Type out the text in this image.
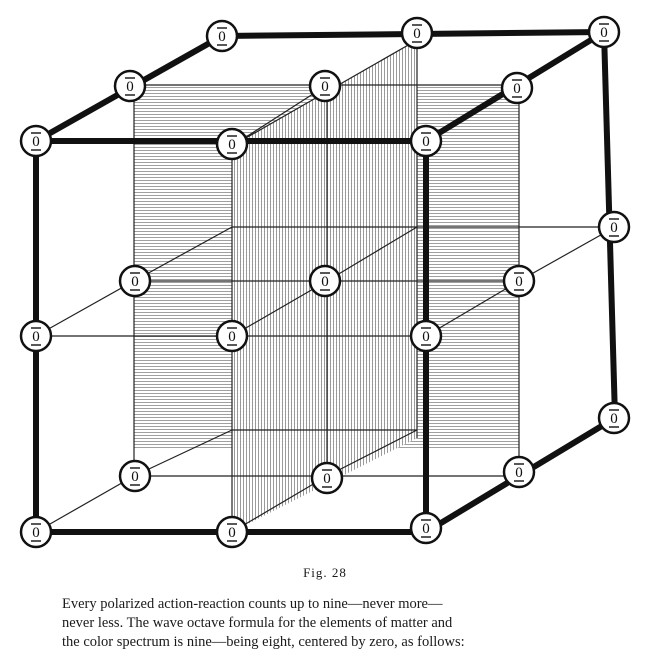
0	0	0
0	0	0
0	0	0
0
0	0	0
0	0	0
0
0	0	0
0	0	0
Fig. 28
Every polarized action-reaction counts up to nine—never more—
never less. The wave octave formula for the elements of matter and
the color spectrum is nine—being eight, centered by zero, as follows:
